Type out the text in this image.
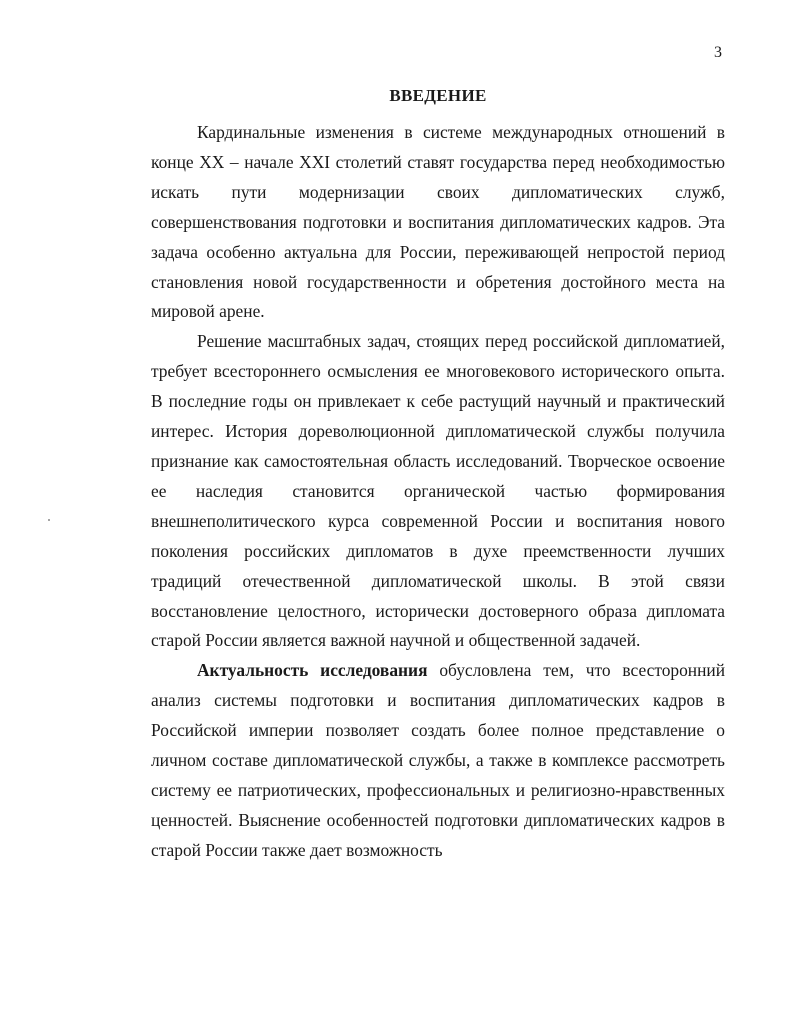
3
ВВЕДЕНИЕ

Кардинальные изменения в системе международных отношений в конце XX – начале XXI столетий ставят государства перед необходимостью искать пути модернизации своих дипломатических служб, совершенствования подготовки и воспитания дипломатических кадров. Эта задача особенно актуальна для России, переживающей непростой период становления новой государственности и обретения достойного места на мировой арене.

Решение масштабных задач, стоящих перед российской дипломатией, требует всестороннего осмысления ее многовекового исторического опыта. В последние годы он привлекает к себе растущий научный и практический интерес. История дореволюционной дипломатической службы получила признание как самостоятельная область исследований. Творческое освоение ее наследия становится органической частью формирования внешнеполитического курса современной России и воспитания нового поколения российских дипломатов в духе преемственности лучших традиций отечественной дипломатической школы. В этой связи восстановление целостного, исторически достоверного образа дипломата старой России является важной научной и общественной задачей.

Актуальность исследования обусловлена тем, что всесторонний анализ системы подготовки и воспитания дипломатических кадров в Российской империи позволяет создать более полное представление о личном составе дипломатической службы, а также в комплексе рассмотреть систему ее патриотических, профессиональных и религиозно-нравственных ценностей. Выяснение особенностей подготовки дипломатических кадров в старой России также дает возможность
